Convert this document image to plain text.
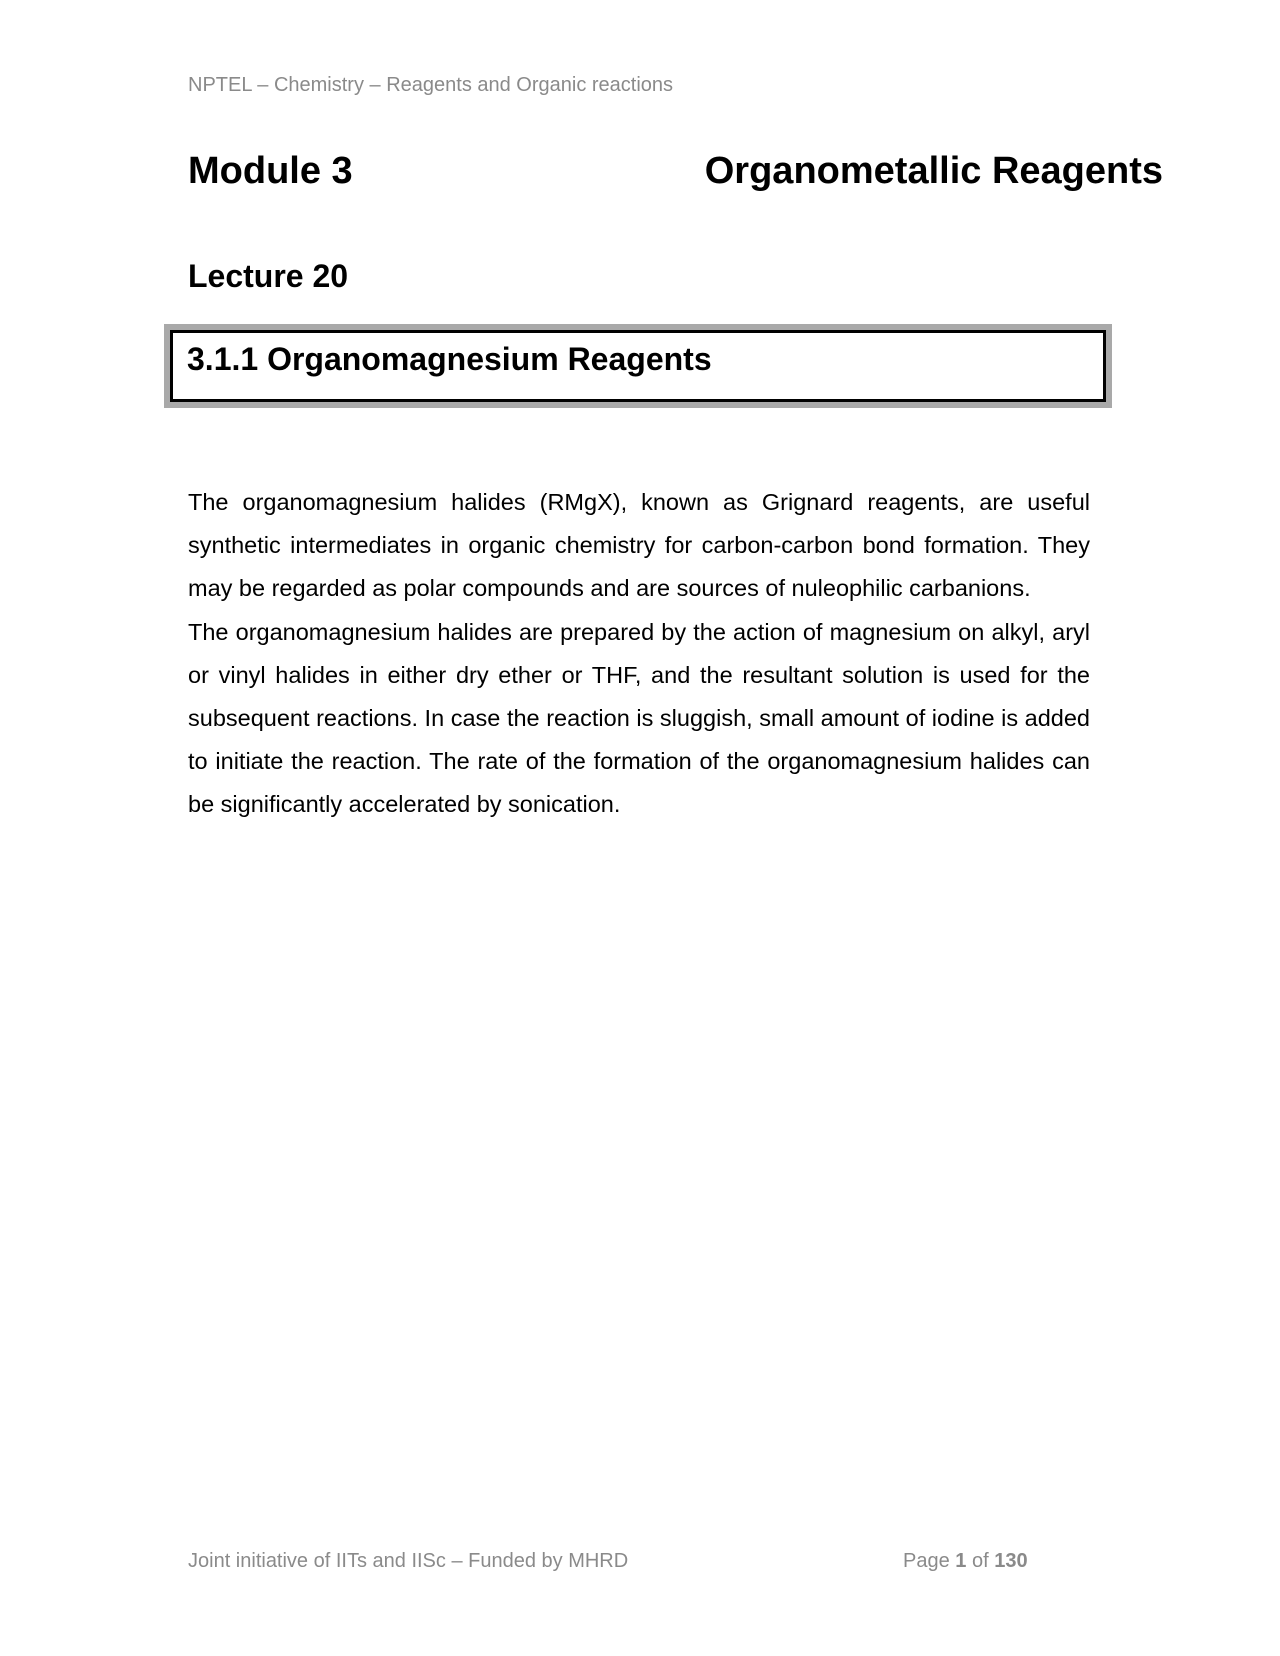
NPTEL – Chemistry – Reagents and Organic reactions
Module 3	Organometallic Reagents
Lecture 20
3.1.1 Organomagnesium Reagents

The organomagnesium halides (RMgX), known as Grignard reagents, are useful synthetic intermediates in organic chemistry for carbon-carbon bond formation. They may be regarded as polar compounds and are sources of nuleophilic carbanions.

The organomagnesium halides are prepared by the action of magnesium on alkyl, aryl or vinyl halides in either dry ether or THF, and the resultant solution is used for the subsequent reactions. In case the reaction is sluggish, small amount of iodine is added to initiate the reaction. The rate of the formation of the organomagnesium halides can be significantly accelerated by sonication.

Joint initiative of IITs and IISc – Funded by MHRD	Page 1 of 130
